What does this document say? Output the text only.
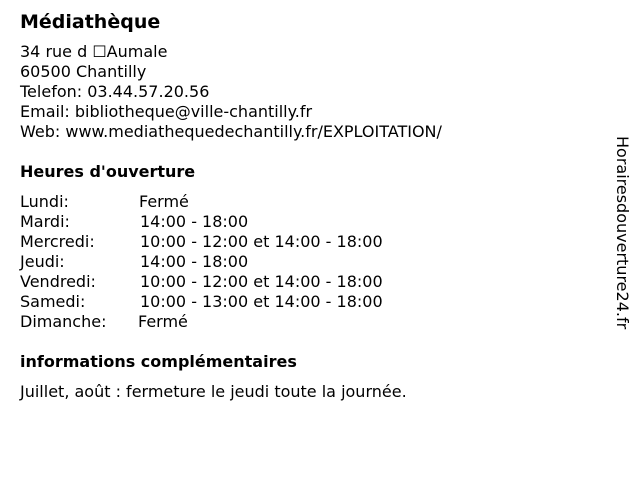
Médiathèque
34 rue d ☐Aumale
60500 Chantilly
Telefon: 03.44.57.20.56
Email: bibliotheque@ville-chantilly.fr
Web: www.mediathequedechantilly.fr/EXPLOITATION/
Heures d'ouverture
Lundi:	Fermé
Mardi:	14:00 - 18:00
Mercredi:	10:00 - 12:00 et 14:00 - 18:00
Jeudi:	14:00 - 18:00
Vendredi:	10:00 - 12:00 et 14:00 - 18:00
Samedi:	10:00 - 13:00 et 14:00 - 18:00
Dimanche:	Fermé
informations complémentaires
Juillet, août : fermeture le jeudi toute la journée.
Horairesdouverture24.fr
